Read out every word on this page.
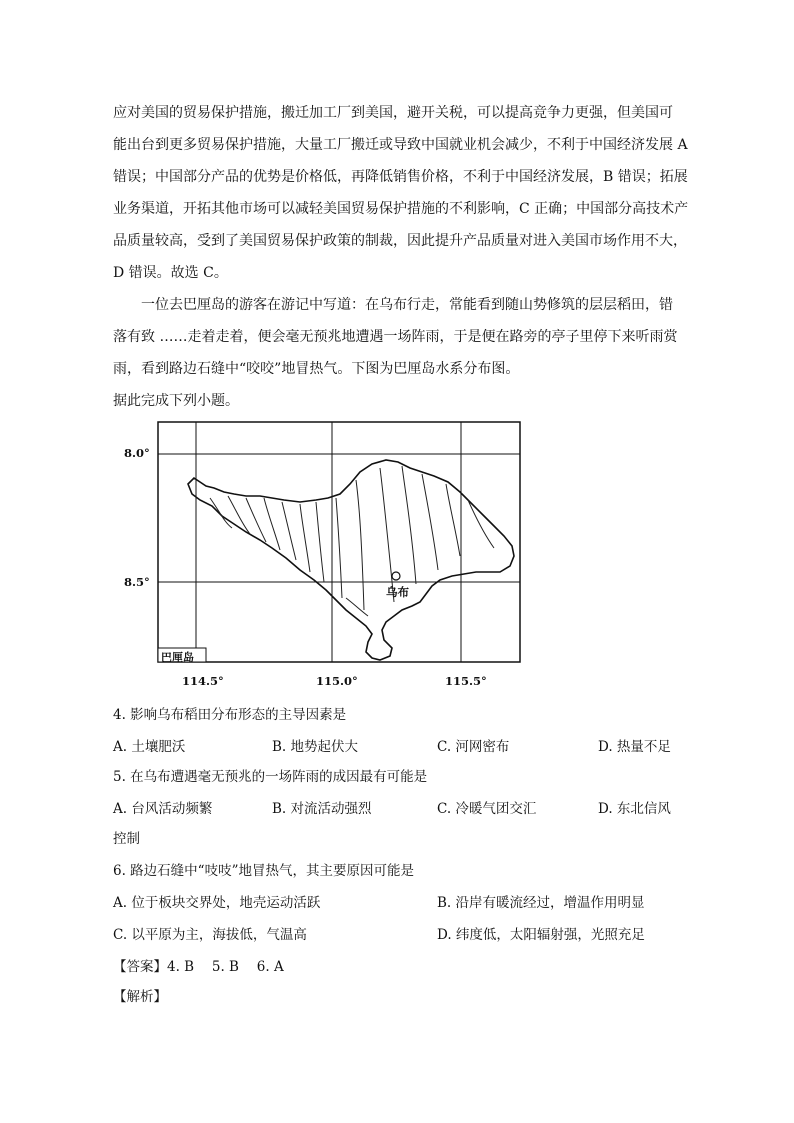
应对美国的贸易保护措施，搬迁加工厂到美国，避开关税，可以提高竞争力更强，但美国可
能出台到更多贸易保护措施，大量工厂搬迁或导致中国就业机会减少，不利于中国经济发展 A
错误；中国部分产品的优势是价格低，再降低销售价格，不利于中国经济发展，B 错误；拓展
业务渠道，开拓其他市场可以减轻美国贸易保护措施的不利影响，C 正确；中国部分高技术产
品质量较高，受到了美国贸易保护政策的制裁，因此提升产品质量对进入美国市场作用不大，
D 错误。故选 C。
一位去巴厘岛的游客在游记中写道：在乌布行走，常能看到随山势修筑的层层稻田，错
落有致 ……走着走着，便会毫无预兆地遭遇一场阵雨，于是便在路旁的亭子里停下来听雨赏
雨，看到路边石缝中“咬咬”地冒热气。下图为巴厘岛水系分布图。
据此完成下列小题。
8.0°
8.5°
乌布
巴厘岛
114.5°	115.0°	115.5°
4. 影响乌布稻田分布形态的主导因素是
A. 土壤肥沃	B. 地势起伏大	C. 河网密布	D. 热量不足
5. 在乌布遭遇毫无预兆的一场阵雨的成因最有可能是
A. 台风活动频繁	B. 对流活动强烈	C. 冷暖气团交汇	D. 东北信风
控制
6. 路边石缝中“吱吱”地冒热气，其主要原因可能是
A. 位于板块交界处，地壳运动活跃	B. 沿岸有暖流经过，增温作用明显
C. 以平原为主，海拔低，气温高	D. 纬度低，太阳辐射强，光照充足
【答案】4. B　 5. B　 6. A
【解析】
